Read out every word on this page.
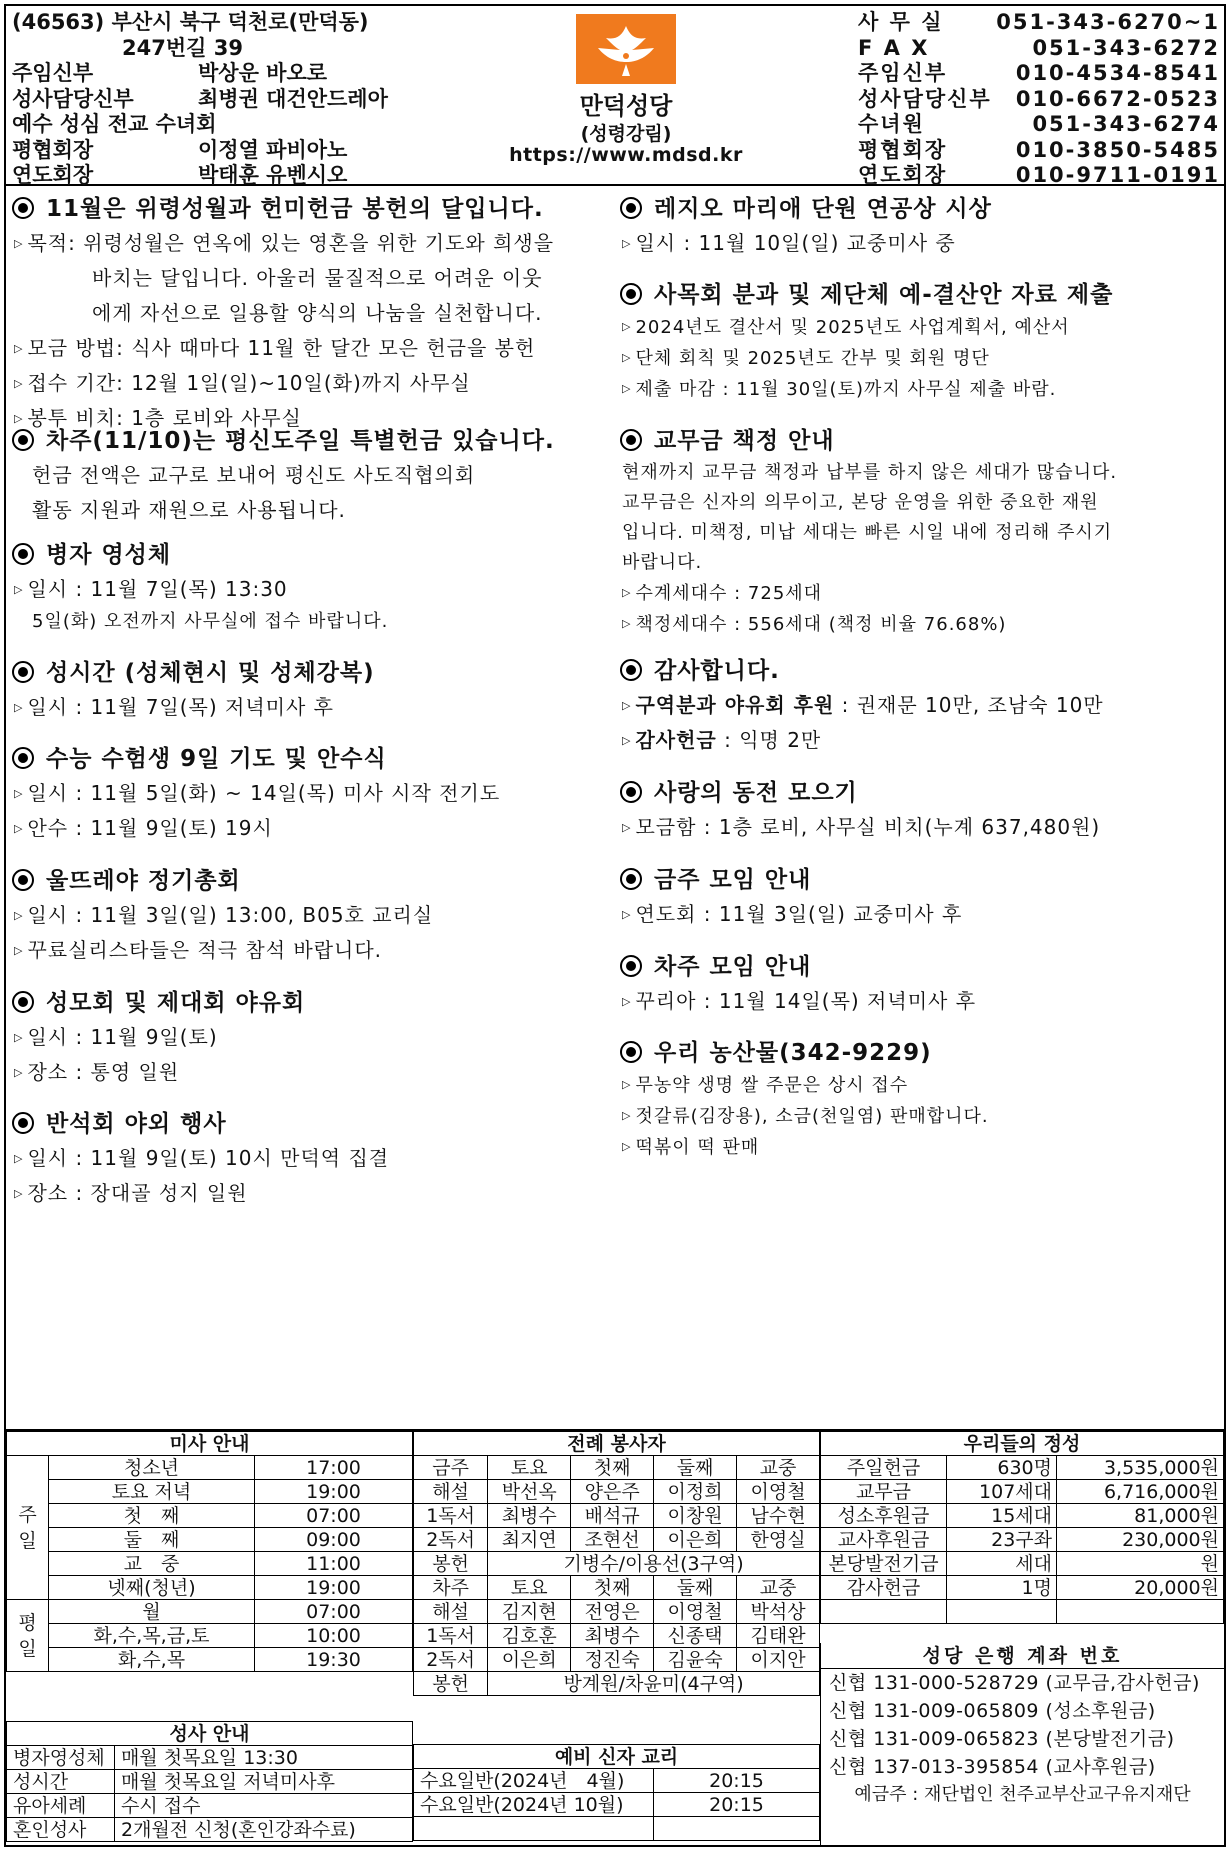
(46563) 부산시 북구 덕천로(만덕동)
247번길 39
주임신부	박상운 바오로
성사담당신부	최병권 대건안드레아
예수 성심 전교 수녀회
평협회장	이정열 파비아노
연도회장	박태훈 유벤시오
만덕성당
(성령강림)
https://www.mdsd.kr
사 무 실	051-343-6270~1
F A X	051-343-6272
주임신부	010-4534-8541
성사담당신부 010-6672-0523
수녀원	051-343-6274
평협회장	010-3850-5485
연도회장	010-9711-0191
11월은 위령성월과 헌미헌금 봉헌의 달입니다.
▷ 목적: 위령성월은 연옥에 있는 영혼을 위한 기도와 희생을
바치는 달입니다. 아울러 물질적으로 어려운 이웃
에게 자선으로 일용할 양식의 나눔을 실천합니다.
▷ 모금 방법: 식사 때마다 11월 한 달간 모은 헌금을 봉헌
▷ 접수 기간: 12월 1일(일)~10일(화)까지 사무실
▷ 봉투 비치: 1층 로비와 사무실
차주(11/10)는 평신도주일 특별헌금 있습니다.
헌금 전액은 교구로 보내어 평신도 사도직협의회
활동 지원과 재원으로 사용됩니다.
병자 영성체
▷ 일시 : 11월 7일(목) 13:30
5일(화) 오전까지 사무실에 접수 바랍니다.
성시간 (성체현시 및 성체강복)
▷ 일시 : 11월 7일(목) 저녁미사 후
수능 수험생 9일 기도 및 안수식
▷ 일시 : 11월 5일(화) ~ 14일(목) 미사 시작 전기도
▷ 안수 : 11월 9일(토) 19시
울뜨레야 정기총회
▷ 일시 : 11월 3일(일) 13:00, B05호 교리실
▷ 꾸료실리스타들은 적극 참석 바랍니다.
성모회 및 제대회 야유회
▷ 일시 : 11월 9일(토)
▷ 장소 : 통영 일원
반석회 야외 행사
▷ 일시 : 11월 9일(토) 10시 만덕역 집결
▷ 장소 : 장대골 성지 일원
레지오 마리애 단원 연공상 시상
▷ 일시 : 11월 10일(일) 교중미사 중
사목회 분과 및 제단체 예-결산안 자료 제출
▷ 2024년도 결산서 및 2025년도 사업계획서, 예산서
▷ 단체 회칙 및 2025년도 간부 및 회원 명단
▷ 제출 마감 : 11월 30일(토)까지 사무실 제출 바람.
교무금 책정 안내
현재까지 교무금 책정과 납부를 하지 않은 세대가 많습니다.
교무금은 신자의 의무이고, 본당 운영을 위한 중요한 재원
입니다. 미책정, 미납 세대는 빠른 시일 내에 정리해 주시기
바랍니다.
▷ 수계세대수 : 725세대
▷ 책정세대수 : 556세대 (책정 비율 76.68%)
감사합니다.
▷ 구역분과 야유회 후원 : 권재문 10만, 조남숙 10만
▷ 감사헌금 : 익명 2만
사랑의 동전 모으기
▷ 모금함 : 1층 로비, 사무실 비치(누계 637,480원)
금주 모임 안내
▷ 연도회 : 11월 3일(일) 교중미사 후
차주 모임 안내
▷ 꾸리아 : 11월 14일(목) 저녁미사 후
우리 농산물(342-9229)
▷ 무농약 생명 쌀 주문은 상시 접수
▷ 젓갈류(김장용), 소금(천일염) 판매합니다.
▷ 떡볶이 떡 판매
미사 안내		
주
일	청소년	17:00
	토요 저녁	19:00
	첫　째	07:00
	둘　째	09:00
	교　중	11:00
	넷째(청년)	19:00
평
일	월	07:00
	화,수,목,금,토	10:00
	화,수,목	19:30
전례 봉사자				
금주	토요	첫째	둘째	교중
해설	박선옥	양은주	이정희	이영철
1독서	최병수	배석규	이창원	남수현
2독서	최지연	조현선	이은희	한영실
봉헌	기병수/이용선(3구역)			
차주	토요	첫째	둘째	교중
해설	김지현	전영은	이영철	박석상
1독서	김호훈	최병수	신종택	김태완
2독서	이은희	정진숙	김윤숙	이지안
봉헌	방계원/차윤미(4구역)			
우리들의 정성		
주일헌금	630명	3,535,000원
교무금	107세대	6,716,000원
성소후원금	15세대	81,000원
교사후원금	23구좌	230,000원
본당발전기금	세대	원
감사헌금	1명	20,000원

성당 은행 계좌 번호
신협 131-000-528729 (교무금,감사헌금)
신협 131-009-065809 (성소후원금)
신협 131-009-065823 (본당발전기금)
신협 137-013-395854 (교사후원금)
예금주 : 재단법인 천주교부산교구유지재단
성사 안내	
병자영성체	매월 첫목요일 13:30
성시간	매월 첫목요일 저녁미사후
유아세례	수시 접수
혼인성사	2개월전 신청(혼인강좌수료)
예비 신자 교리	
수요일반(2024년　4월)	20:15
수요일반(2024년 10월)	20:15
